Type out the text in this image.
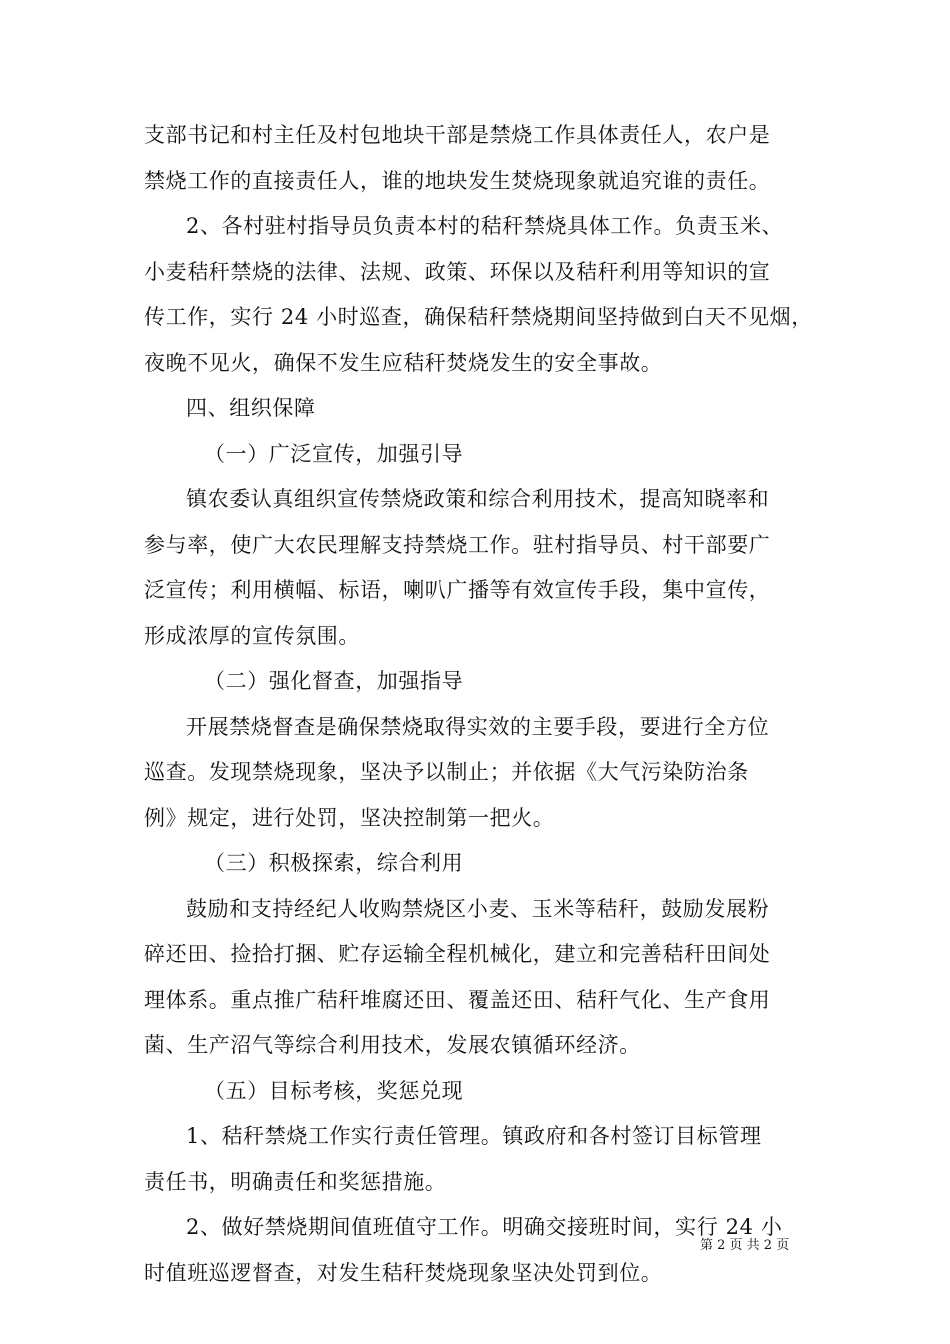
支部书记和村主任及村包地块干部是禁烧工作具体责任人，农户是
禁烧工作的直接责任人，谁的地块发生焚烧现象就追究谁的责任。
2、各村驻村指导员负责本村的秸秆禁烧具体工作。负责玉米、
小麦秸秆禁烧的法律、法规、政策、环保以及秸秆利用等知识的宣
传工作，实行 24 小时巡查，确保秸秆禁烧期间坚持做到白天不见烟，
夜晚不见火，确保不发生应秸秆焚烧发生的安全事故。
四、组织保障
（一）广泛宣传，加强引导
镇农委认真组织宣传禁烧政策和综合利用技术，提高知晓率和
参与率，使广大农民理解支持禁烧工作。驻村指导员、村干部要广
泛宣传；利用横幅、标语，喇叭广播等有效宣传手段，集中宣传，
形成浓厚的宣传氛围。
（二）强化督查，加强指导
开展禁烧督查是确保禁烧取得实效的主要手段，要进行全方位
巡查。发现禁烧现象，坚决予以制止；并依据《大气污染防治条
例》规定，进行处罚，坚决控制第一把火。
（三）积极探索，综合利用
鼓励和支持经纪人收购禁烧区小麦、玉米等秸秆，鼓励发展粉
碎还田、捡拾打捆、贮存运输全程机械化，建立和完善秸秆田间处
理体系。重点推广秸秆堆腐还田、覆盖还田、秸秆气化、生产食用
菌、生产沼气等综合利用技术，发展农镇循环经济。
（五）目标考核，奖惩兑现
1、秸秆禁烧工作实行责任管理。镇政府和各村签订目标管理
责任书，明确责任和奖惩措施。
2、做好禁烧期间值班值守工作。明确交接班时间，实行 24 小
时值班巡逻督查，对发生秸秆焚烧现象坚决处罚到位。
第 2 页 共 2 页
